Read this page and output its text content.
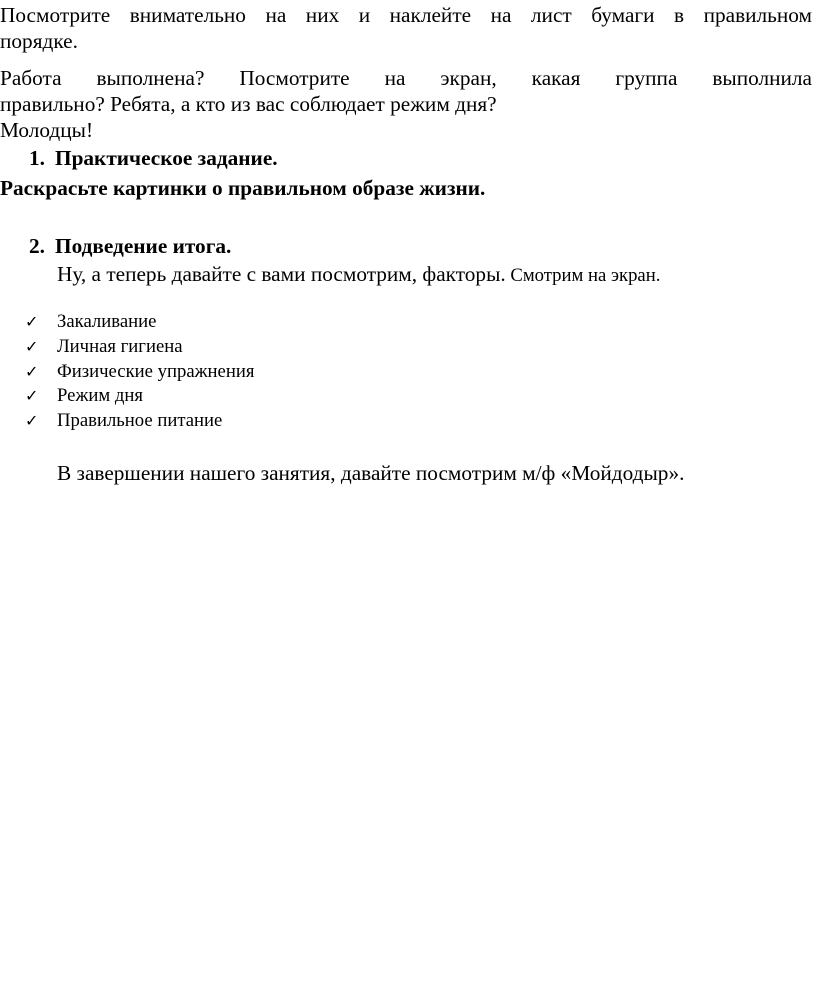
Посмотрите внимательно на них и наклейте на лист бумаги в правильном
порядке.
Работа выполнена? Посмотрите на экран, какая группа выполнила
правильно? Ребята, а кто из вас соблюдает режим дня?
Молодцы!
1. Практическое задание.
Раскрасьте картинки о правильном образе жизни.
2. Подведение итога.
Ну, а теперь давайте с вами посмотрим, факторы. Смотрим на экран.
✓ Закаливание
✓ Личная гигиена
✓ Физические упражнения
✓ Режим дня
✓ Правильное питание
В завершении нашего занятия, давайте посмотрим м/ф «Мойдодыр».
